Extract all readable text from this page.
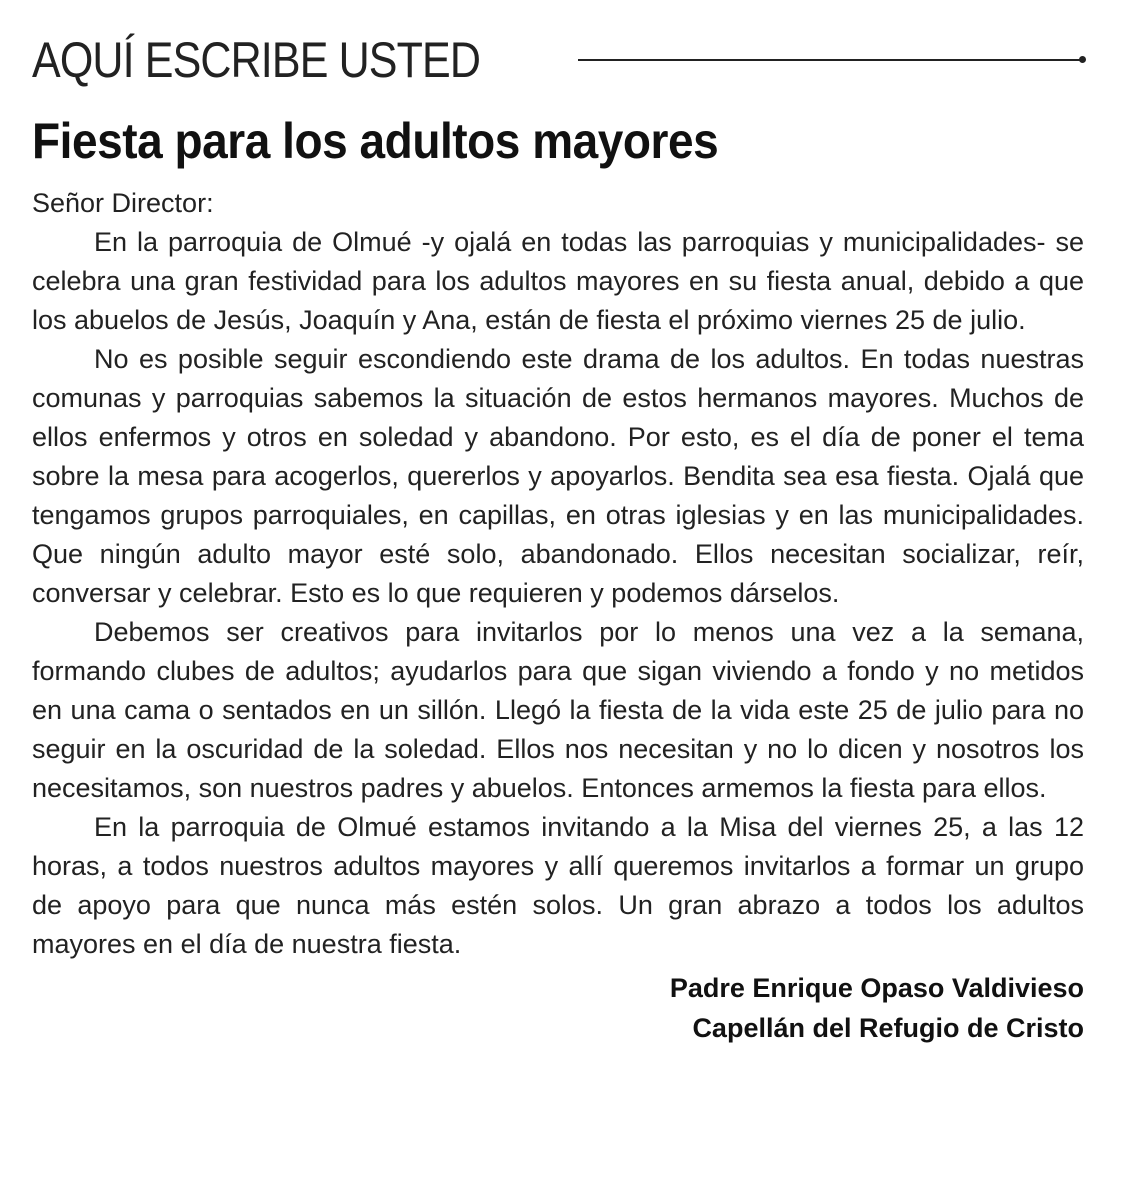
AQUÍ ESCRIBE USTED
Fiesta para los adultos mayores

Señor Director:

En la parroquia de Olmué -y ojalá en todas las parroquias y municipalidades- se celebra una gran festividad para los adultos mayores en su fiesta anual, debido a que los abuelos de Jesús, Joaquín y Ana, están de fiesta el próximo viernes 25 de julio.

No es posible seguir escondiendo este drama de los adultos. En todas nuestras comunas y parroquias sabemos la situación de estos hermanos mayores. Muchos de ellos enfermos y otros en soledad y abandono. Por esto, es el día de poner el tema sobre la mesa para acogerlos, quererlos y apoyarlos. Bendita sea esa fiesta. Ojalá que tengamos grupos parroquiales, en capillas, en otras iglesias y en las municipalidades. Que ningún adulto mayor esté solo, abandonado. Ellos necesitan socializar, reír, conversar y celebrar. Esto es lo que requieren y podemos dárselos.

Debemos ser creativos para invitarlos por lo menos una vez a la semana, formando clubes de adultos; ayudarlos para que sigan viviendo a fondo y no metidos en una cama o sentados en un sillón. Llegó la fiesta de la vida este 25 de julio para no seguir en la oscuridad de la soledad. Ellos nos necesitan y no lo dicen y nosotros los necesitamos, son nuestros padres y abuelos. Entonces armemos la fiesta para ellos.

En la parroquia de Olmué estamos invitando a la Misa del viernes 25, a las 12 horas, a todos nuestros adultos mayores y allí queremos invitarlos a formar un grupo de apoyo para que nunca más estén solos. Un gran abrazo a todos los adultos mayores en el día de nuestra fiesta.

Padre Enrique Opaso Valdivieso
Capellán del Refugio de Cristo
